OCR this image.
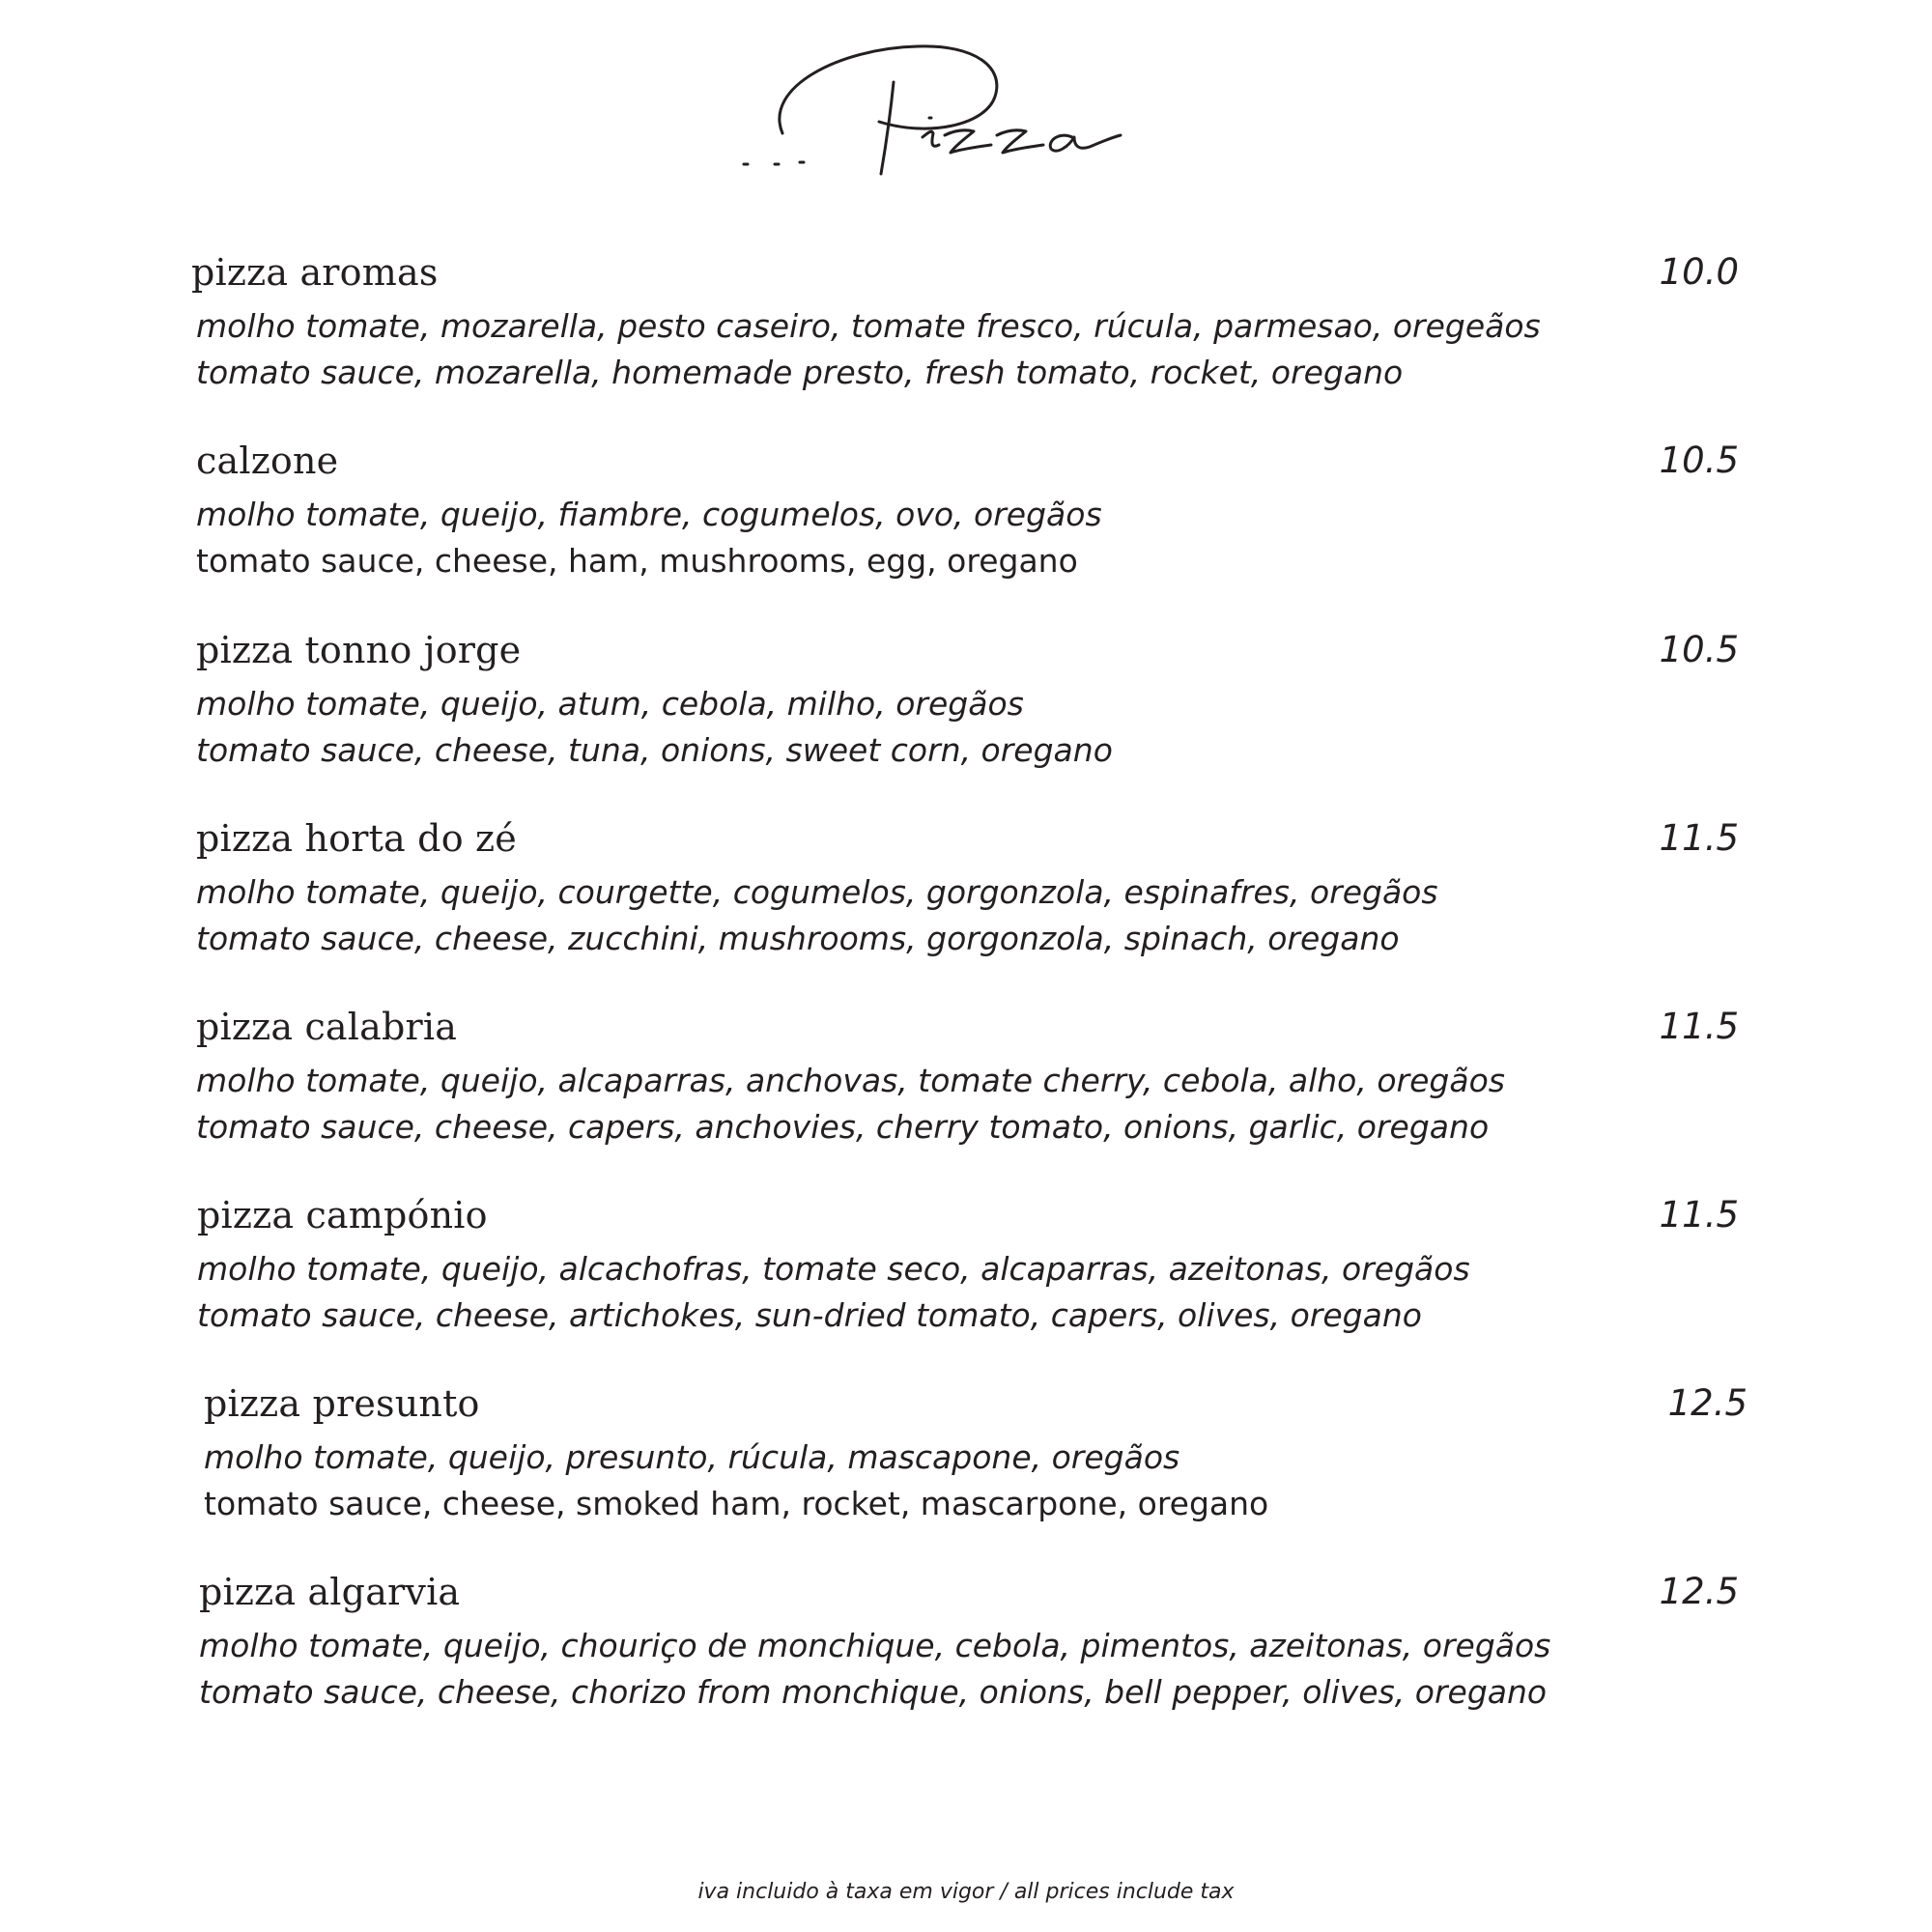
pizza aromas	10.0
molho tomate, mozarella, pesto caseiro, tomate fresco, rúcula, parmesao, oregeãos
tomato sauce, mozarella, homemade presto, fresh tomato, rocket, oregano
calzone	10.5
molho tomate, queijo, fiambre, cogumelos, ovo, oregãos
tomato sauce, cheese, ham, mushrooms, egg, oregano
pizza tonno jorge	10.5
molho tomate, queijo, atum, cebola, milho, oregãos
tomato sauce, cheese, tuna, onions, sweet corn, oregano
pizza horta do zé	11.5
molho tomate, queijo, courgette, cogumelos, gorgonzola, espinafres, oregãos
tomato sauce, cheese, zucchini, mushrooms, gorgonzola, spinach, oregano
pizza calabria	11.5
molho tomate, queijo, alcaparras, anchovas, tomate cherry, cebola, alho, oregãos
tomato sauce, cheese, capers, anchovies, cherry tomato, onions, garlic, oregano
pizza campónio	11.5
molho tomate, queijo, alcachofras, tomate seco, alcaparras, azeitonas, oregãos
tomato sauce, cheese, artichokes, sun-dried tomato, capers, olives, oregano
pizza presunto	12.5
molho tomate, queijo, presunto, rúcula, mascapone, oregãos
tomato sauce, cheese, smoked ham, rocket, mascarpone, oregano
pizza algarvia	12.5
molho tomate, queijo, chouriço de monchique, cebola, pimentos, azeitonas, oregãos
tomato sauce, cheese, chorizo from monchique, onions, bell pepper, olives, oregano
iva incluido à taxa em vigor / all prices include tax
